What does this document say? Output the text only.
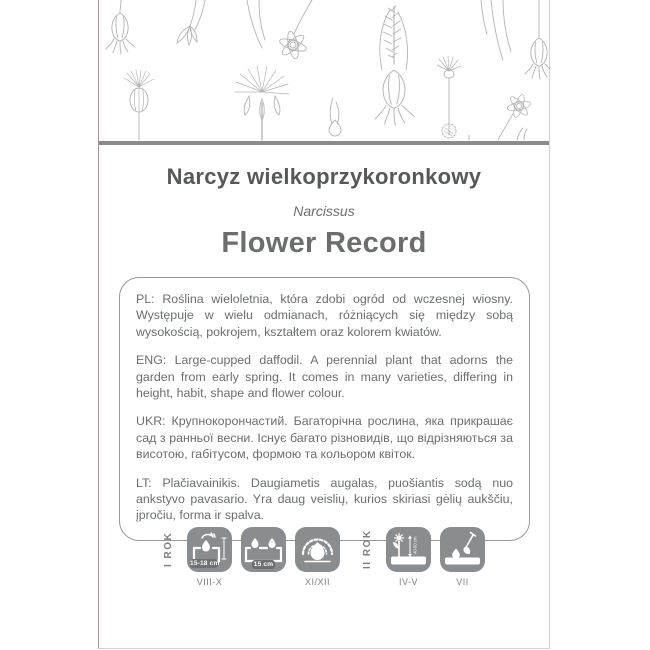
Narcyz wielkoprzykoronkowy
Narcissus
Flower Record

PL: Roślina wieloletnia, która zdobi ogród od wczesnej wiosny. Występuje w wielu odmianach, różniących się między sobą wysokością, pokrojem, kształtem oraz kolorem kwiatów.

ENG: Large-cupped daffodil. A perennial plant that adorns the garden from early spring. It comes in many varieties, differing in height, habit, shape and flower colour.

UKR: Крупнокорончастий. Багаторічна рослина, яка прикрашає сад з ранньої весни. Існує багато різновидів, що відрізняються за висотою, габітусом, формою та кольором квіток.

LT: Plačiavainikis. Daugiametis augalas, puošiantis sodą nuo ankstyvo pavasario. Yra daug veislių, kurios skiriasi gėlių aukščiu, įpročiu, forma ir spalva.

I ROK 15-18 cm
VIII-X
15 cm
XI/XII
II ROK	40-50 cm
IV-V	VII
